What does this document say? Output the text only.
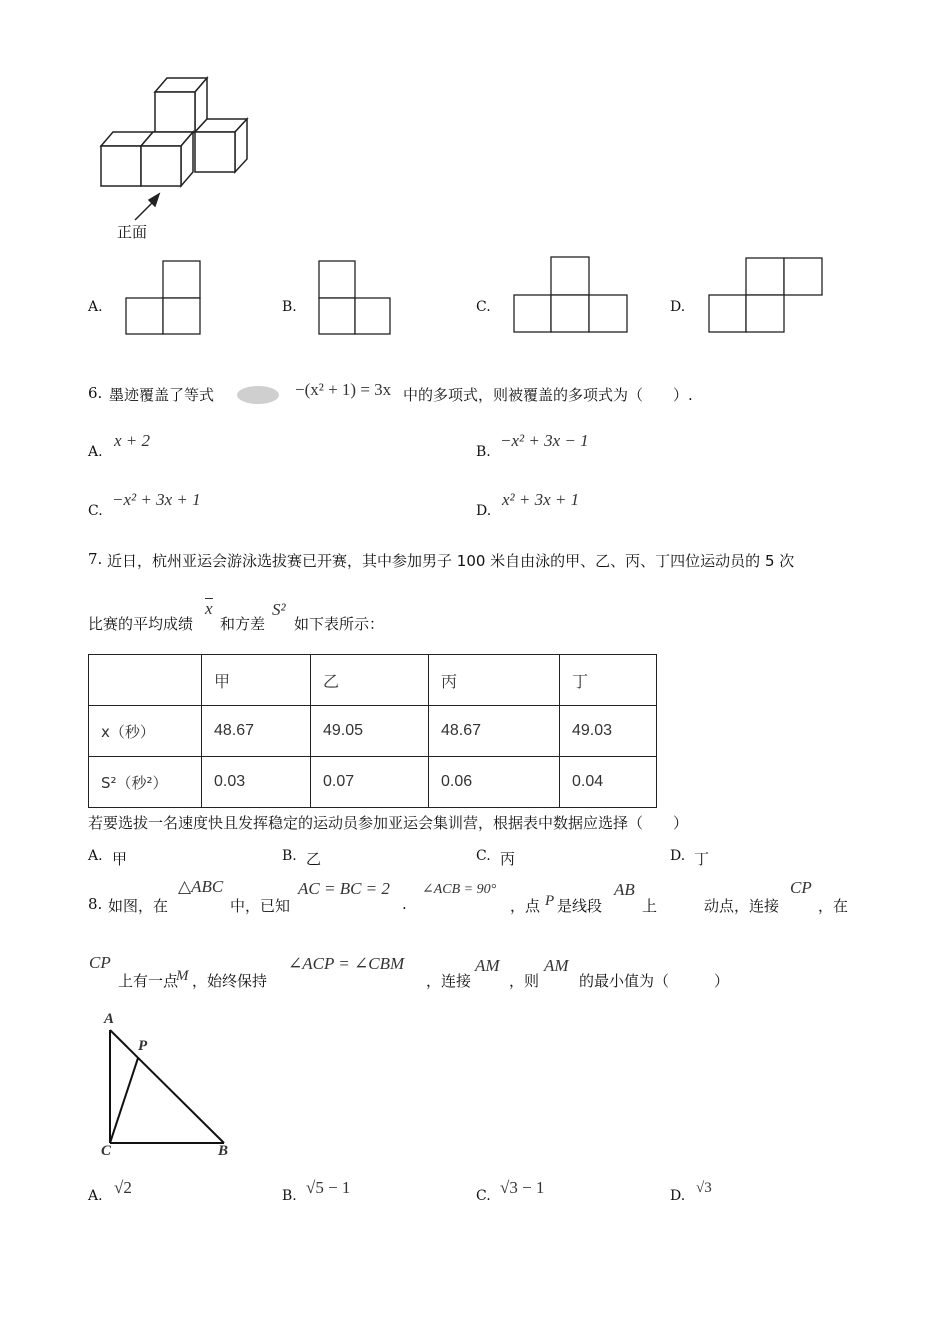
正面
A.	B.	C.	D.
6. 墨迹覆盖了等式	−(x² + 1) = 3x 中的多项式，则被覆盖的多项式为（　　）.
A.
x + 2
B.
−x² + 3x − 1
C.
−x² + 3x + 1
D.
x² + 3x + 1
7. 近日，杭州亚运会游泳选拔赛已开赛，其中参加男子 100 米自由泳的甲、乙、丙、丁四位运动员的 5 次
比赛的平均成绩
x
和方差
S²
如下表所示：
	甲	乙	丙	丁
x（秒）	48.67	49.05	48.67	49.03
S²（秒²）	0.03	0.07	0.06	0.04
若要选拔一名速度快且发挥稳定的运动员参加亚运会集训营，根据表中数据应选择（　　）
A. 甲	B. 乙	C. 丙	D. 丁
8. 如图，在
△ABC
中，已知
AC = BC = 2
.
∠ACB = 90°
，点 P 是线段
AB
上	动点，连接
CP
，在
CP
上有一点
M ，始终保持
∠ACP = ∠CBM
，连接
AM
，则
AM
的最小值为（　　　）
A
P
C	B
A. √2	B. √5 − 1	C. √3 − 1	D. √3
